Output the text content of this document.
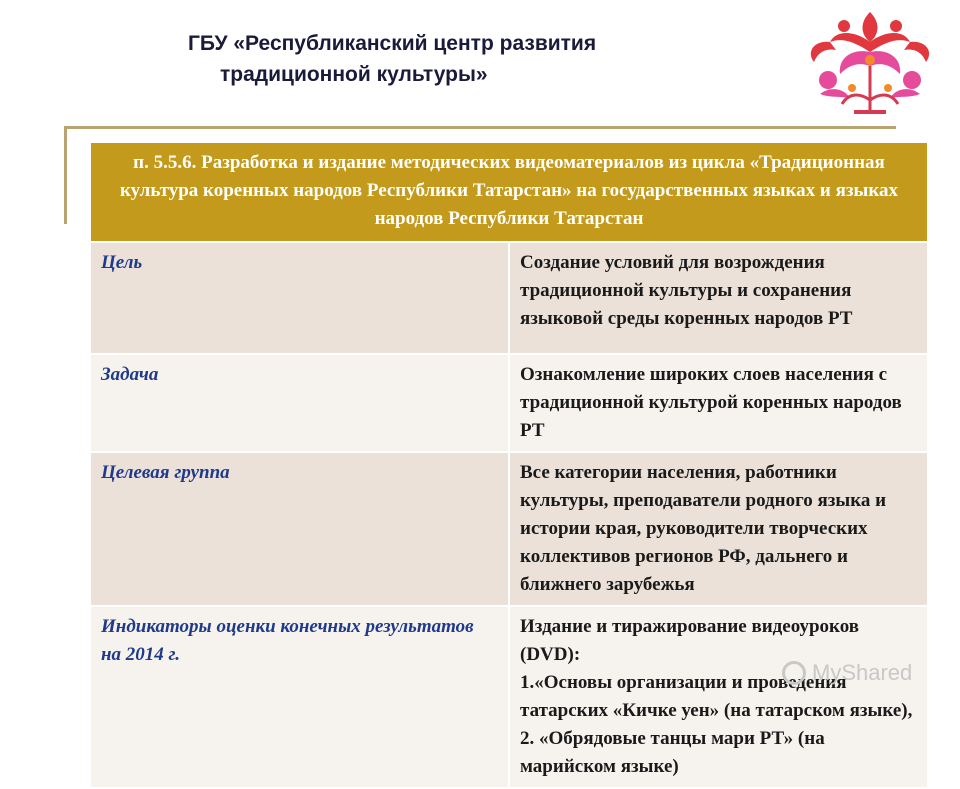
ГБУ «Республиканский центр развития
традиционной культуры»
п. 5.5.6. Разработка и издание методических видеоматериалов из цикла «Традиционная культура коренных народов Республики Татарстан» на государственных языках и языках народов Республики Татарстан	
Цель	Создание условий для возрождения традиционной культуры и сохранения языковой среды коренных народов РТ
Задача	Ознакомление широких слоев населения с традиционной культурой коренных народов РТ
Целевая группа	Все категории населения, работники культуры, преподаватели родного языка и истории края, руководители творческих коллективов регионов РФ, дальнего и ближнего зарубежья
Индикаторы оценки конечных результатов на 2014 г.	Издание и тиражирование видеоуроков (DVD):
1.«Основы организации и проведения татарских «Кичке уен» (на татарском языке),
2. «Обрядовые танцы мари РТ» (на марийском языке)
MyShared
